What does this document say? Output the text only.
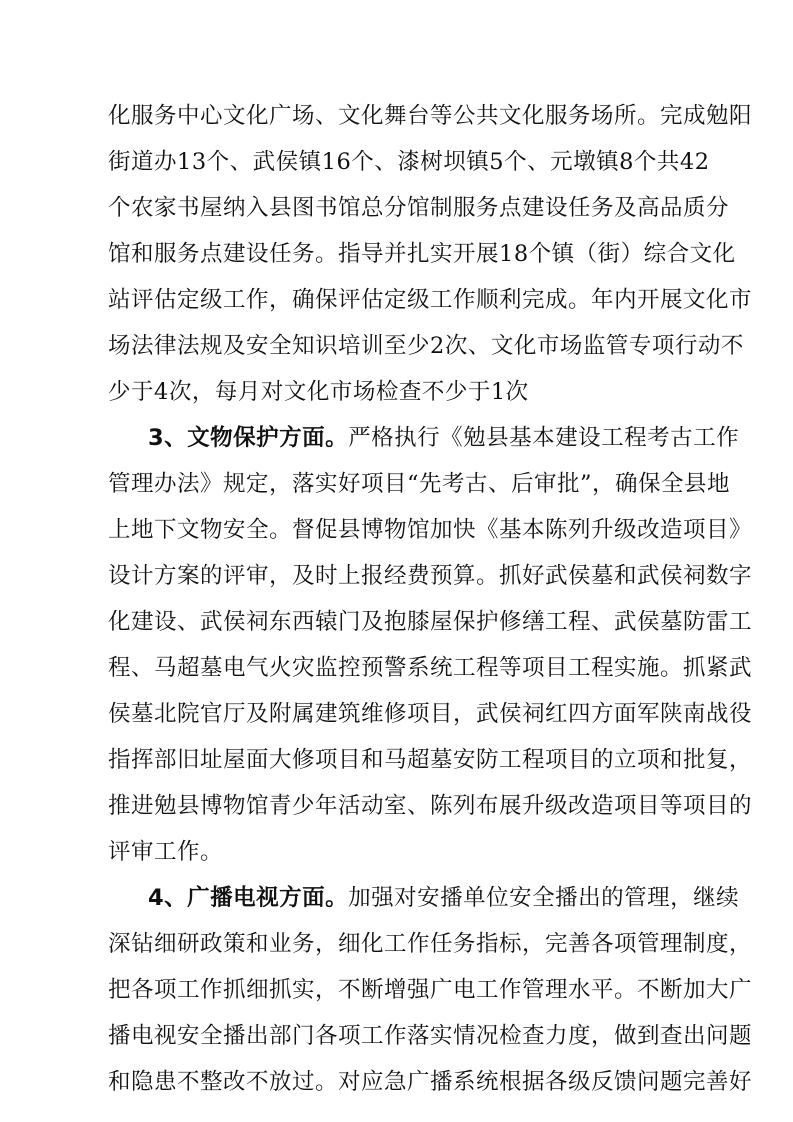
化服务中心文化广场、文化舞台等公共文化服务场所。完成勉阳
街道办13个、武侯镇16个、漆树坝镇5个、元墩镇8个共42
个农家书屋纳入县图书馆总分馆制服务点建设任务及高品质分
馆和服务点建设任务。指导并扎实开展18个镇（街）综合文化
站评估定级工作，确保评估定级工作顺利完成。年内开展文化市
场法律法规及安全知识培训至少2次、文化市场监管专项行动不
少于4次，每月对文化市场检查不少于1次
3、文物保护方面。严格执行《勉县基本建设工程考古工作
管理办法》规定，落实好项目“先考古、后审批”，确保全县地
上地下文物安全。督促县博物馆加快《基本陈列升级改造项目》
设计方案的评审，及时上报经费预算。抓好武侯墓和武侯祠数字
化建设、武侯祠东西辕门及抱膝屋保护修缮工程、武侯墓防雷工
程、马超墓电气火灾监控预警系统工程等项目工程实施。抓紧武
侯墓北院官厅及附属建筑维修项目，武侯祠红四方面军陕南战役
指挥部旧址屋面大修项目和马超墓安防工程项目的立项和批复，
推进勉县博物馆青少年活动室、陈列布展升级改造项目等项目的
评审工作。
4、广播电视方面。加强对安播单位安全播出的管理，继续
深钻细研政策和业务，细化工作任务指标，完善各项管理制度，
把各项工作抓细抓实，不断增强广电工作管理水平。不断加大广
播电视安全播出部门各项工作落实情况检查力度，做到查出问题
和隐患不整改不放过。对应急广播系统根据各级反馈问题完善好
